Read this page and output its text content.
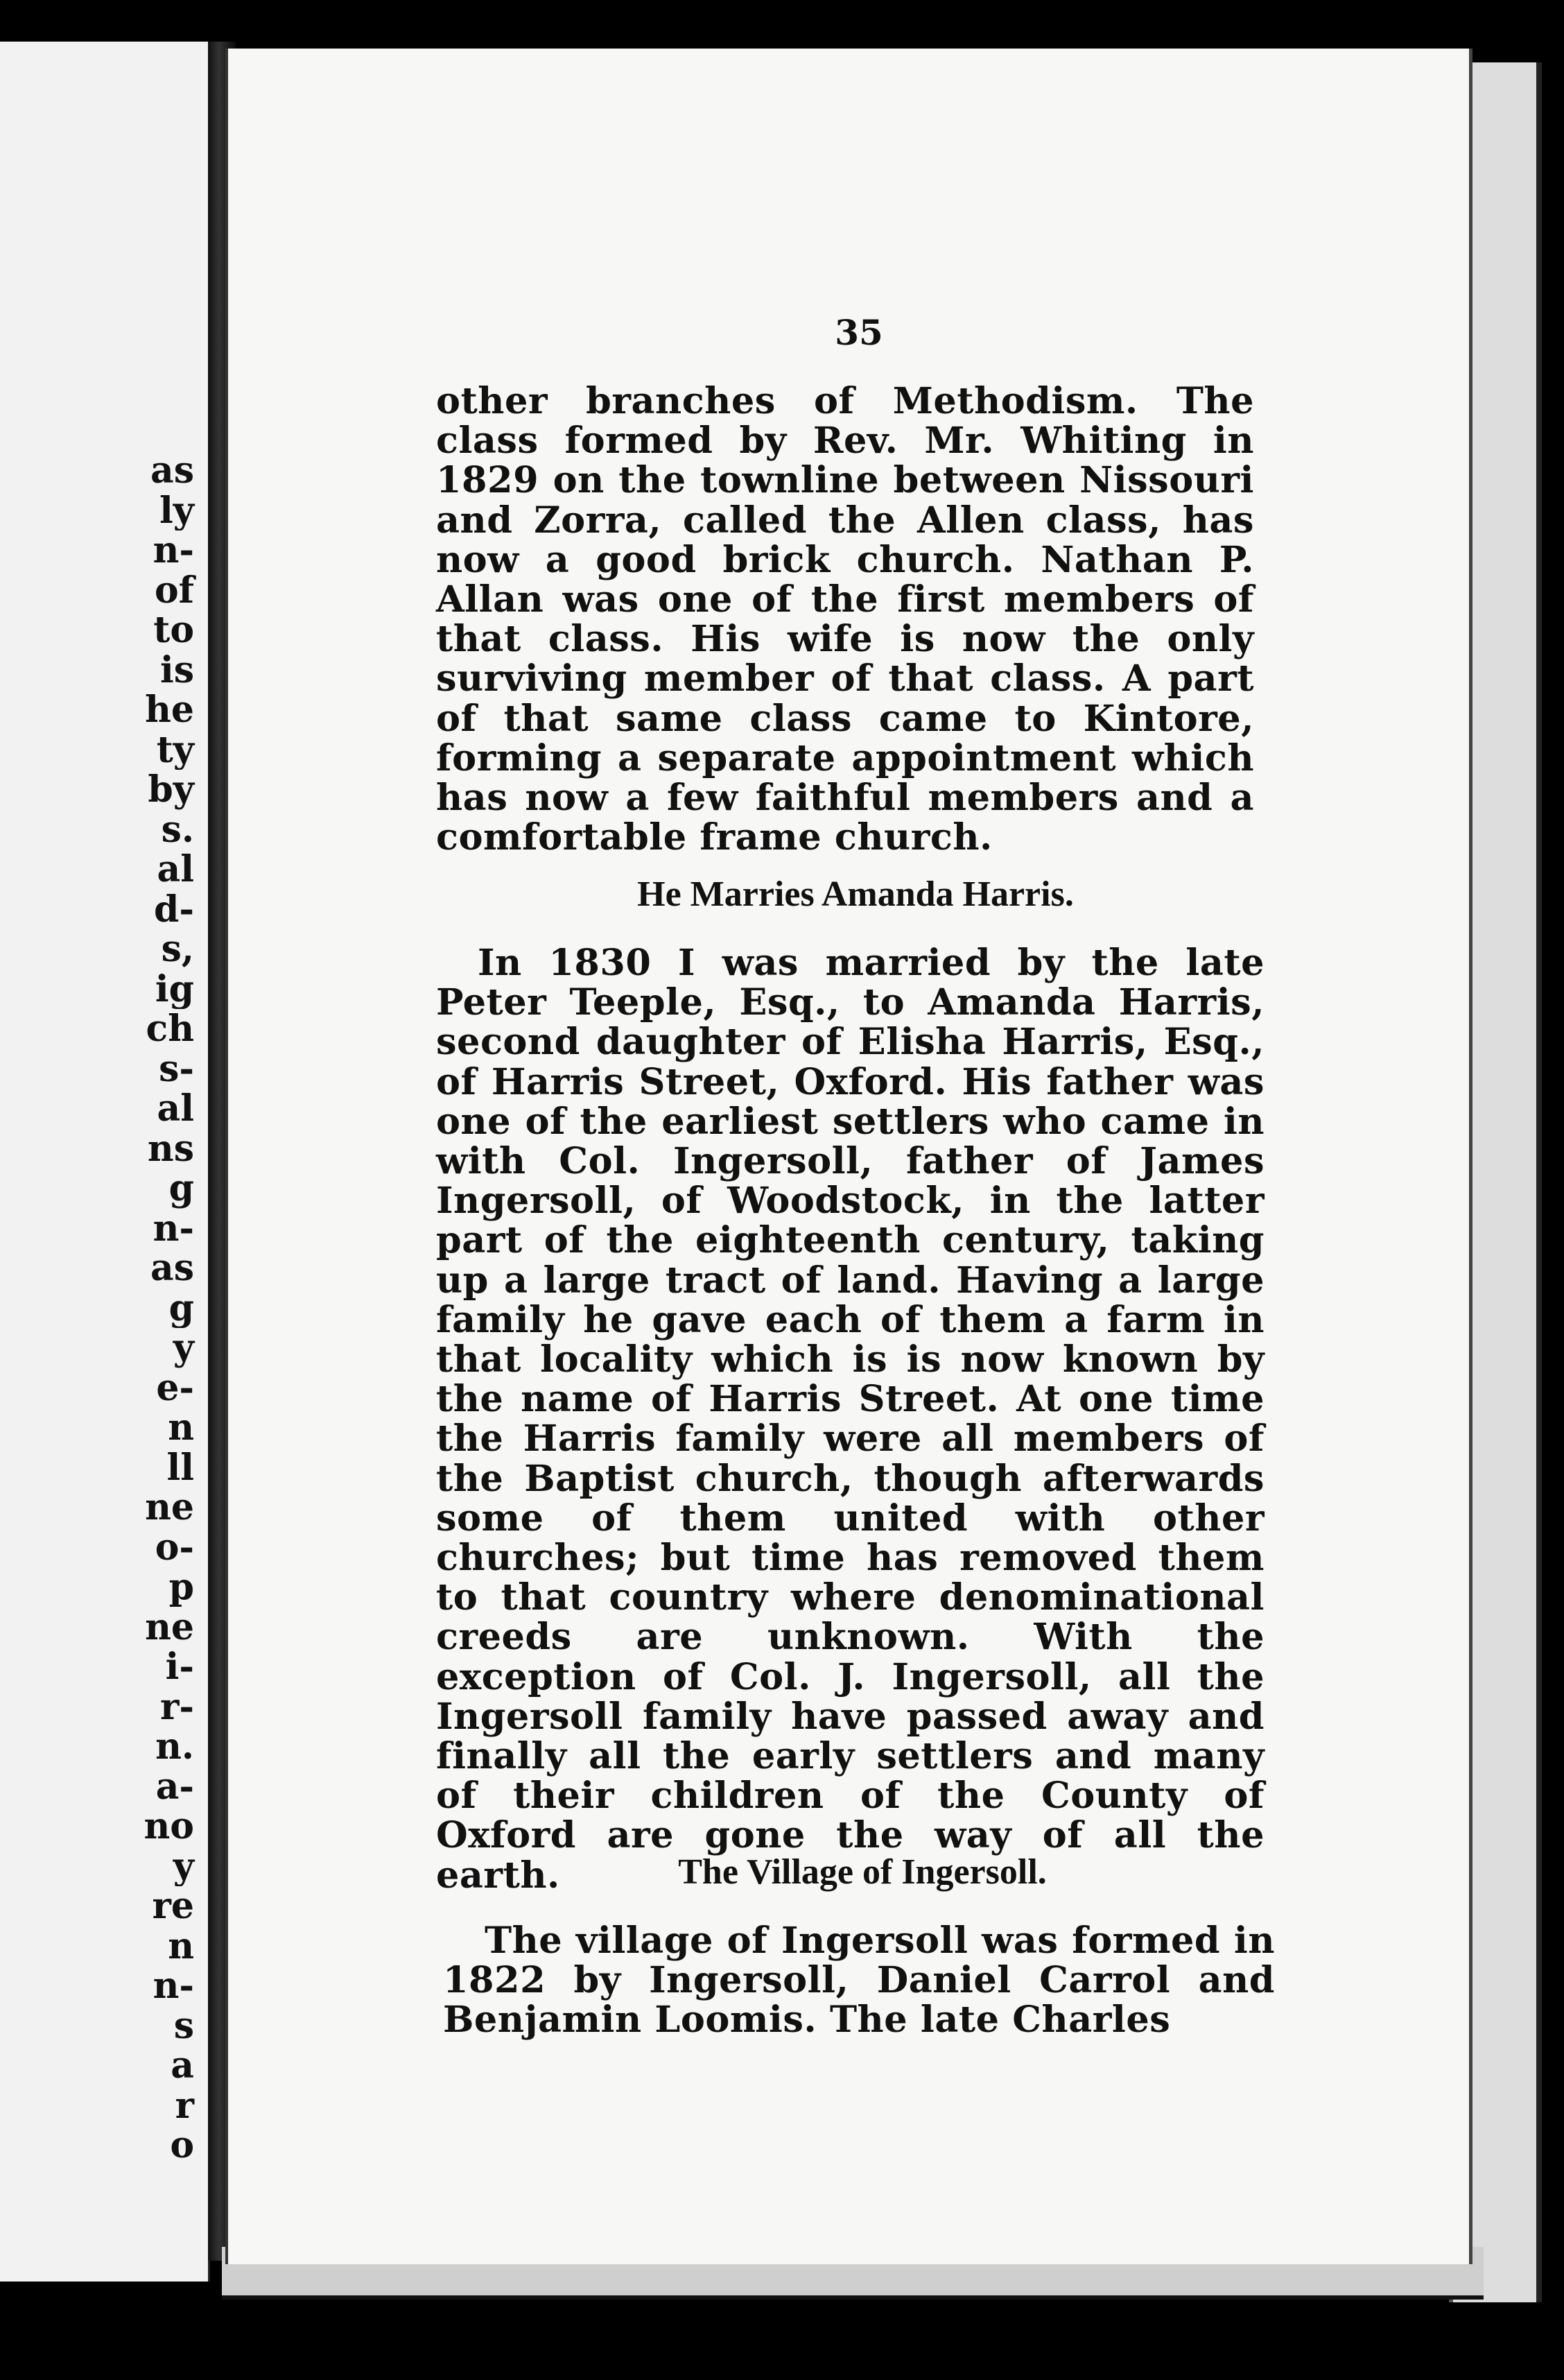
as
ly
n-
of
to
is
he
ty
by
s.
al
d-
s,
ig
ch
s-
al
ns
g
n-
as
g
y
e-
n
ll
ne
o-
p
ne
i-
r-
n.
a-
no
y
re
n
n-
s
a
r
o
35

other branches of Methodism. The class formed by Rev. Mr. Whiting in 1829 on the townline between Nissouri and Zorra, called the Allen class, has now a good brick church. Nathan P. Allan was one of the first members of that class. His wife is now the only surviving member of that class. A part of that same class came to Kintore, forming a separate appointment which has now a few faithful members and a comfortable frame church.

He Marries Amanda Harris.

In 1830 I was married by the late Peter Teeple, Esq., to Amanda Harris, second daughter of Elisha Harris, Esq., of Harris Street, Oxford. His father was one of the earliest settlers who came in with Col. Ingersoll, father of James Ingersoll, of Woodstock, in the latter part of the eighteenth century, taking up a large tract of land. Having a large family he gave each of them a farm in that locality which is is now known by the name of Harris Street. At one time the Harris family were all members of the Baptist church, though afterwards some of them united with other churches; but time has removed them to that country where denominational creeds are unknown. With the exception of Col. J. Ingersoll, all the Ingersoll family have passed away and finally all the early settlers and many of their children of the County of Oxford are gone the way of all the earth.	The Village of Ingersoll.

The village of Ingersoll was formed in 1822 by Ingersoll, Daniel Carrol and Benjamin Loomis. The late Charles
